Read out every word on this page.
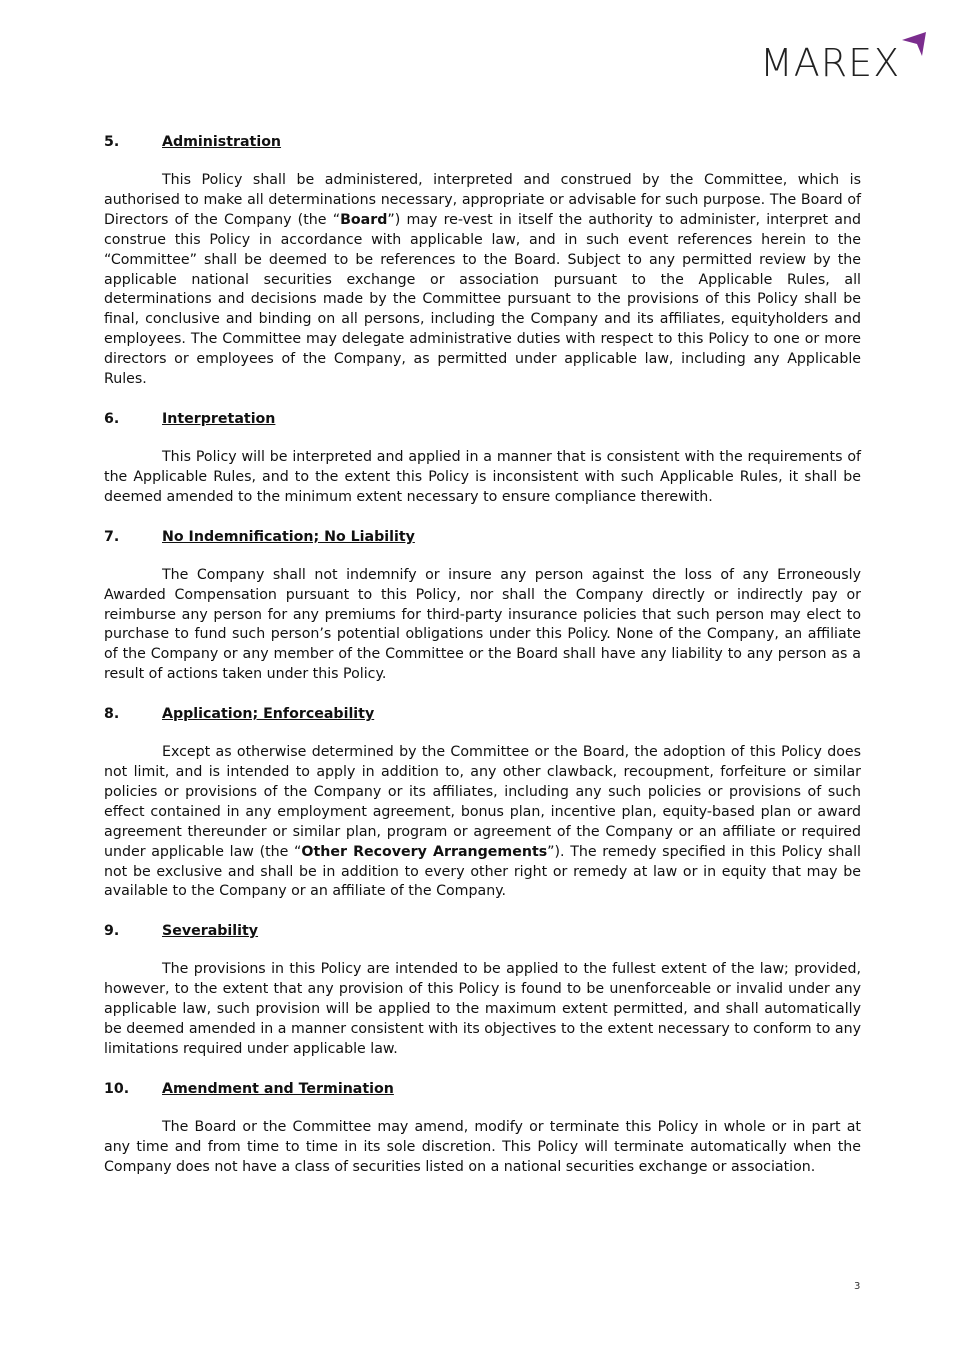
MAREX
5.	Administration

This Policy shall be administered, interpreted and construed by the Committee, which is authorised to make all determinations necessary, appropriate or advisable for such purpose. The Board of Directors of the Company (the “Board”) may re-vest in itself the authority to administer, interpret and construe this Policy in accordance with applicable law, and in such event references herein to the “Committee” shall be deemed to be references to the Board. Subject to any permitted review by the applicable national securities exchange or association pursuant to the Applicable Rules, all determinations and decisions made by the Committee pursuant to the provisions of this Policy shall be final, conclusive and binding on all persons, including the Company and its affiliates, equityholders and employees. The Committee may delegate administrative duties with respect to this Policy to one or more directors or employees of the Company, as permitted under applicable law, including any Applicable Rules.

6.	Interpretation

This Policy will be interpreted and applied in a manner that is consistent with the requirements of the Applicable Rules, and to the extent this Policy is inconsistent with such Applicable Rules, it shall be deemed amended to the minimum extent necessary to ensure compliance therewith.

7.	No Indemnification; No Liability

The Company shall not indemnify or insure any person against the loss of any Erroneously Awarded Compensation pursuant to this Policy, nor shall the Company directly or indirectly pay or reimburse any person for any premiums for third-party insurance policies that such person may elect to purchase to fund such person’s potential obligations under this Policy. None of the Company, an affiliate of the Company or any member of the Committee or the Board shall have any liability to any person as a result of actions taken under this Policy.

8.	Application; Enforceability

Except as otherwise determined by the Committee or the Board, the adoption of this Policy does not limit, and is intended to apply in addition to, any other clawback, recoupment, forfeiture or similar policies or provisions of the Company or its affiliates, including any such policies or provisions of such effect contained in any employment agreement, bonus plan, incentive plan, equity-based plan or award agreement thereunder or similar plan, program or agreement of the Company or an affiliate or required under applicable law (the “Other Recovery Arrangements”). The remedy specified in this Policy shall not be exclusive and shall be in addition to every other right or remedy at law or in equity that may be available to the Company or an affiliate of the Company.

9.	Severability

The provisions in this Policy are intended to be applied to the fullest extent of the law; provided, however, to the extent that any provision of this Policy is found to be unenforceable or invalid under any applicable law, such provision will be applied to the maximum extent permitted, and shall automatically be deemed amended in a manner consistent with its objectives to the extent necessary to conform to any limitations required under applicable law.

10.	Amendment and Termination

The Board or the Committee may amend, modify or terminate this Policy in whole or in part at any time and from time to time in its sole discretion. This Policy will terminate automatically when the Company does not have a class of securities listed on a national securities exchange or association.

3
